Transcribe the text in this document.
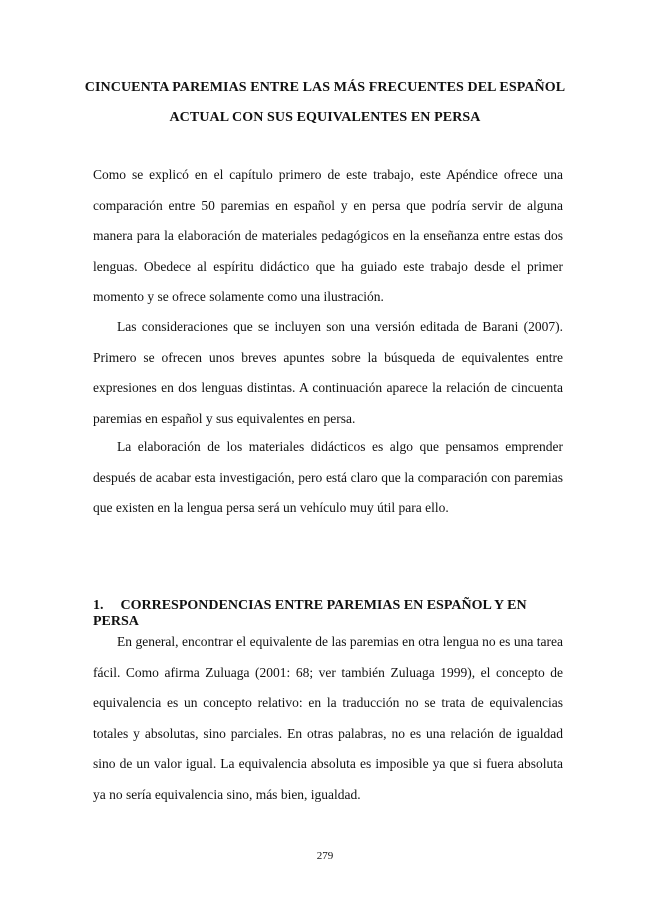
CINCUENTA PAREMIAS ENTRE LAS MÁS FRECUENTES DEL ESPAÑOL

ACTUAL CON SUS EQUIVALENTES EN PERSA

Como se explicó en el capítulo primero de este trabajo, este Apéndice ofrece una comparación entre 50 paremias en español y en persa que podría servir de alguna manera para la elaboración de materiales pedagógicos en la enseñanza entre estas dos lenguas. Obedece al espíritu didáctico que ha guiado este trabajo desde el primer momento y se ofrece solamente como una ilustración.

Las consideraciones que se incluyen son una versión editada de Barani (2007). Primero se ofrecen unos breves apuntes sobre la búsqueda de equivalentes entre expresiones en dos lenguas distintas. A continuación aparece la relación de cincuenta paremias en español y sus equivalentes en persa.

La elaboración de los materiales didácticos es algo que pensamos emprender después de acabar esta investigación, pero está claro que la comparación con paremias que existen en la lengua persa será un vehículo muy útil para ello.

1. CORRESPONDENCIAS ENTRE PAREMIAS EN ESPAÑOL Y EN PERSA

En general, encontrar el equivalente de las paremias en otra lengua no es una tarea fácil. Como afirma Zuluaga (2001: 68; ver también Zuluaga 1999), el concepto de equivalencia es un concepto relativo: en la traducción no se trata de equivalencias totales y absolutas, sino parciales. En otras palabras, no es una relación de igualdad sino de un valor igual. La equivalencia absoluta es imposible ya que si fuera absoluta ya no sería equivalencia sino, más bien, igualdad.

279
